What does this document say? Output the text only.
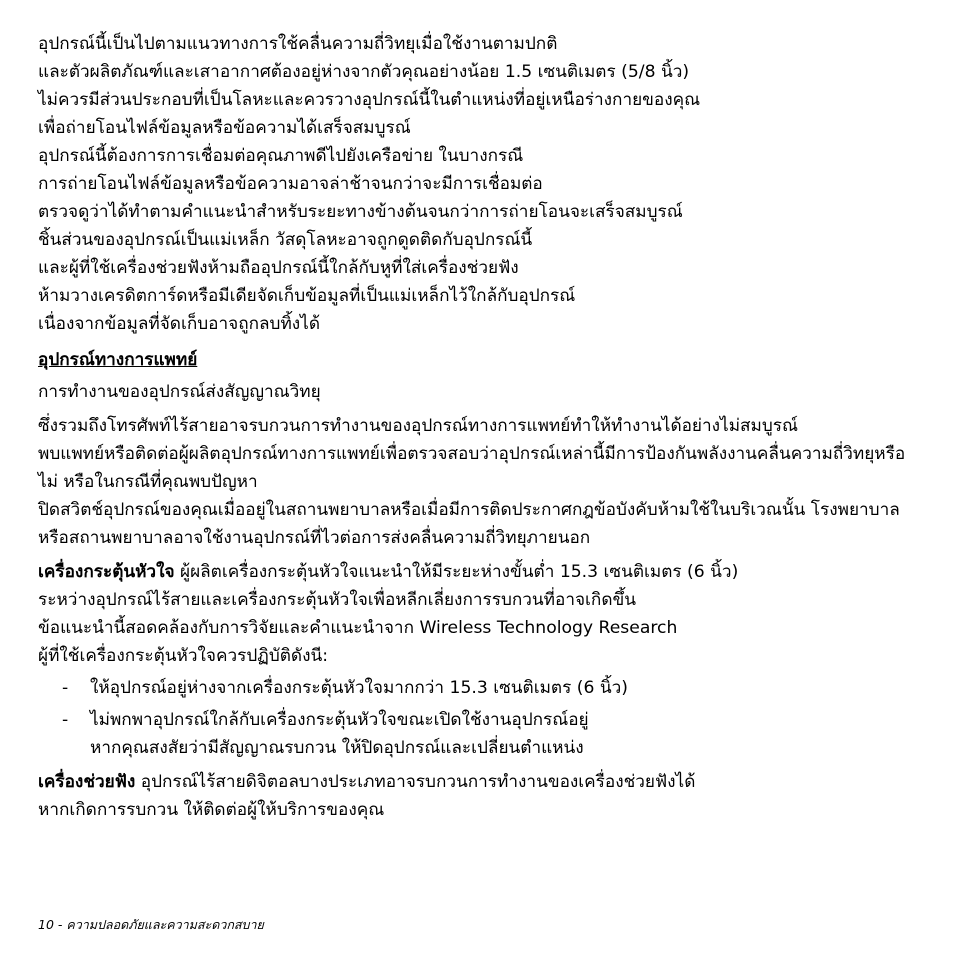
อุปกรณ์นี้เป็นไปตามแนวทางการใช้คลื่นความถี่วิทยุเมื่อใช้งานตามปกติ

และตัวผลิตภัณฑ์และเสาอากาศต้องอยู่ห่างจากตัวคุณอย่างน้อย 1.5 เซนติเมตร (5/8 นิ้ว)

ไม่ควรมีส่วนประกอบที่เป็นโลหะและควรวางอุปกรณ์นี้ในตำแหน่งที่อยู่เหนือร่างกายของคุณ

เพื่อถ่ายโอนไฟล์ข้อมูลหรือข้อความได้เสร็จสมบูรณ์

อุปกรณ์นี้ต้องการการเชื่อมต่อคุณภาพดีไปยังเครือข่าย ในบางกรณี

การถ่ายโอนไฟล์ข้อมูลหรือข้อความอาจล่าช้าจนกว่าจะมีการเชื่อมต่อ

ตรวจดูว่าได้ทำตามคำแนะนำสำหรับระยะทางข้างต้นจนกว่าการถ่ายโอนจะเสร็จสมบูรณ์

ชิ้นส่วนของอุปกรณ์เป็นแม่เหล็ก วัสดุโลหะอาจถูกดูดติดกับอุปกรณ์นี้

และผู้ที่ใช้เครื่องช่วยฟังห้ามถืออุปกรณ์นี้ใกล้กับหูที่ใส่เครื่องช่วยฟัง

ห้ามวางเครดิตการ์ดหรือมีเดียจัดเก็บข้อมูลที่เป็นแม่เหล็กไว้ใกล้กับอุปกรณ์

เนื่องจากข้อมูลที่จัดเก็บอาจถูกลบทิ้งได้

อุปกรณ์ทางการแพทย์

การทำงานของอุปกรณ์ส่งสัญญาณวิทยุ

ซึ่งรวมถึงโทรศัพท์ไร้สายอาจรบกวนการทำงานของอุปกรณ์ทางการแพทย์ทำให้ทำงานได้อย่างไม่สมบูรณ์

พบแพทย์หรือติดต่อผู้ผลิตอุปกรณ์ทางการแพทย์เพื่อตรวจสอบว่าอุปกรณ์เหล่านี้มีการป้องกันพลังงานคลื่นความถี่วิทยุหรือไม่ หรือในกรณีที่คุณพบปัญหา

ปิดสวิตช์อุปกรณ์ของคุณเมื่ออยู่ในสถานพยาบาลหรือเมื่อมีการติดประกาศกฎข้อบังคับห้ามใช้ในบริเวณนั้น โรงพยาบาลหรือสถานพยาบาลอาจใช้งานอุปกรณ์ที่ไวต่อการส่งคลื่นความถี่วิทยุภายนอก

เครื่องกระตุ้นหัวใจ ผู้ผลิตเครื่องกระตุ้นหัวใจแนะนำให้มีระยะห่างขั้นต่ำ 15.3 เซนติเมตร (6 นิ้ว)

ระหว่างอุปกรณ์ไร้สายและเครื่องกระตุ้นหัวใจเพื่อหลีกเลี่ยงการรบกวนที่อาจเกิดขึ้น

ข้อแนะนำนี้สอดคล้องกับการวิจัยและคำแนะนำจาก Wireless Technology Research

ผู้ที่ใช้เครื่องกระตุ้นหัวใจควรปฏิบัติดังนี:

-	ให้อุปกรณ์อยู่ห่างจากเครื่องกระตุ้นหัวใจมากกว่า 15.3 เซนติเมตร (6 นิ้ว)
-	ไม่พกพาอุปกรณ์ใกล้กับเครื่องกระตุ้นหัวใจขณะเปิดใช้งานอุปกรณ์อยู่
หากคุณสงสัยว่ามีสัญญาณรบกวน ให้ปิดอุปกรณ์และเปลี่ยนตำแหน่ง

เครื่องช่วยฟัง อุปกรณ์ไร้สายดิจิตอลบางประเภทอาจรบกวนการทำงานของเครื่องช่วยฟังได้

หากเกิดการรบกวน ให้ติดต่อผู้ให้บริการของคุณ

10 - ความปลอดภัยและความสะดวกสบาย
